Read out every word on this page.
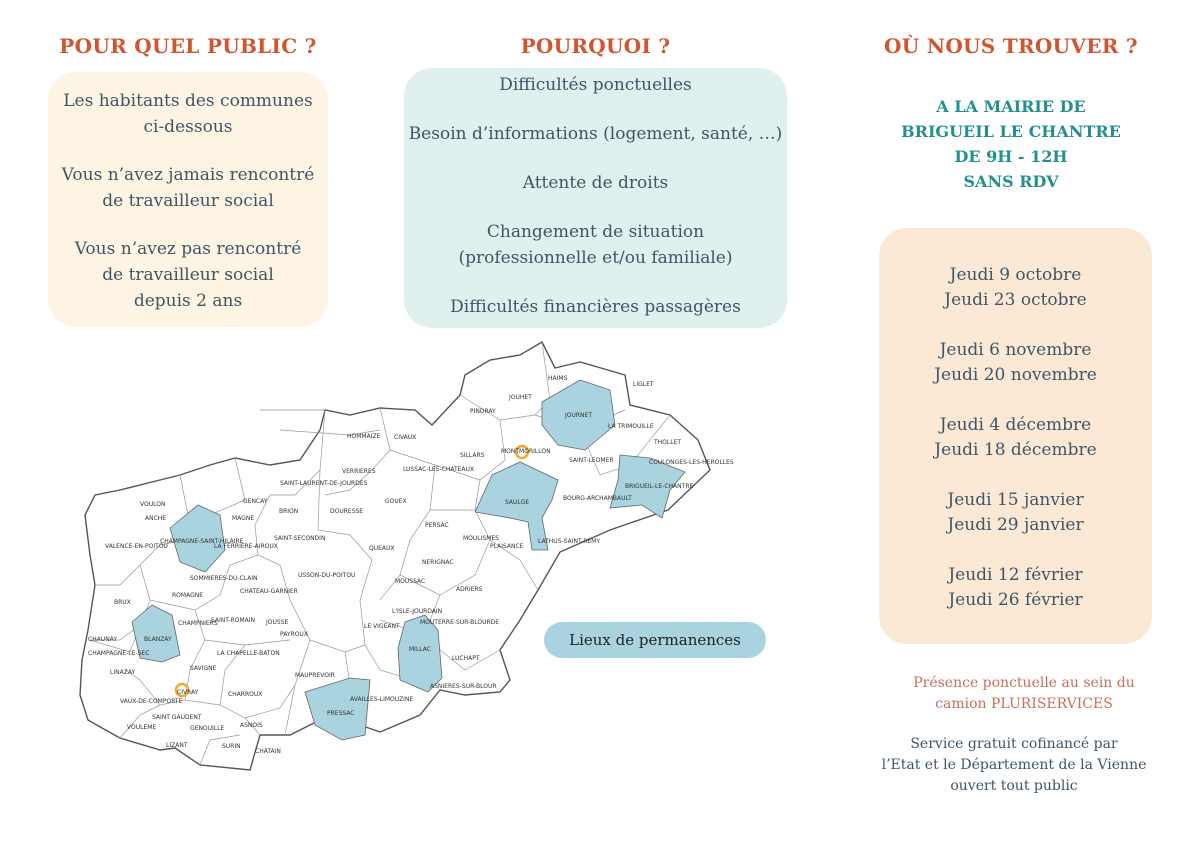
POUR QUEL PUBLIC ?	POURQUOI ?	OÙ NOUS TROUVER ?

Les habitants des communes

ci-dessous

Vous n’avez jamais rencontré

de travailleur social

Vous n’avez pas rencontré

de travailleur social

depuis 2 ans

Difficultés ponctuelles

Besoin d’informations (logement, santé, …)

Attente de droits

Changement de situation

(professionnelle et/ou familiale)

Difficultés financières passagères

A LA MAIRIE DE
BRIGUEIL LE CHANTRE
DE 9H - 12H
SANS RDV

Jeudi 9 octobre

Jeudi 23 octobre

Jeudi 6 novembre

Jeudi 20 novembre

Jeudi 4 décembre

Jeudi 18 décembre

Jeudi 15 janvier

Jeudi 29 janvier

Jeudi 12 février

Jeudi 26 février

Présence ponctuelle au sein du
camion PLURISERVICES
Service gratuit cofinancé par
l’Etat et le Département de la Vienne
ouvert tout public
Lieux de permanences
HAIMS
LIGLET
JOUHET
JOURNET
PINDRAY
LA TRIMOUILLE
THOLLET
COULONGES-LES-HEROLLES
HOMMAIZE CIVAUX
SILLARS
MONTMORILLON
SAINT-LEOMER
VERRIERES	LUSSAC-LES-CHATEAUX
BRIGUEIL-LE-CHANTRE
SAINT-LAURENT-DE-JOURDES
SAULGE
BOURG-ARCHAMBAULT
GENCAY	GOUEX
BRION	DOURESSE
VOULON
MAGNE
ANCHE
CHAMPAGNE-SAINT-HILAIRE	SAINT-SECONDIN
PERSAC
MOULISMES
PLAISANCE
LATHUS-SAINT-REMY
VALENCE-EN-POITOU	LA FERRIERE-AIROUX	QUEAUX
SOMMIERES-DU-CLAIN	USSON-DU-POITOU
NERIGNAC
CHATEAU-GARNIER
MOUSSAC
ROMAGNE
ADRIERS
BRUX
L'ISLE-JOURDAIN
SAINT-ROMAIN
CHAMPNIERS	JOUSSE
PAYROUX
LE VIGEANT
MOUTERRE-SUR-BLOURDE
CHAUNAY	BLANZAY
MILLAC
CHAMPAGNE-LE-SEC	LA CHAPELLE-BATON
LUCHAPT
SAVIGNE
LINAZAY	MAUPREVOIR
CIVRAY
ASNIERES-SUR-BLOUR
CHARROUX
AVAILLES-LIMOUZINE
VAUX-DE-COMPORTE
PRESSAC
SAINT GAUDENT
VOULEME	GENOUILLE	ASNOIS
LIZANT	SURIN
CHATAIN
